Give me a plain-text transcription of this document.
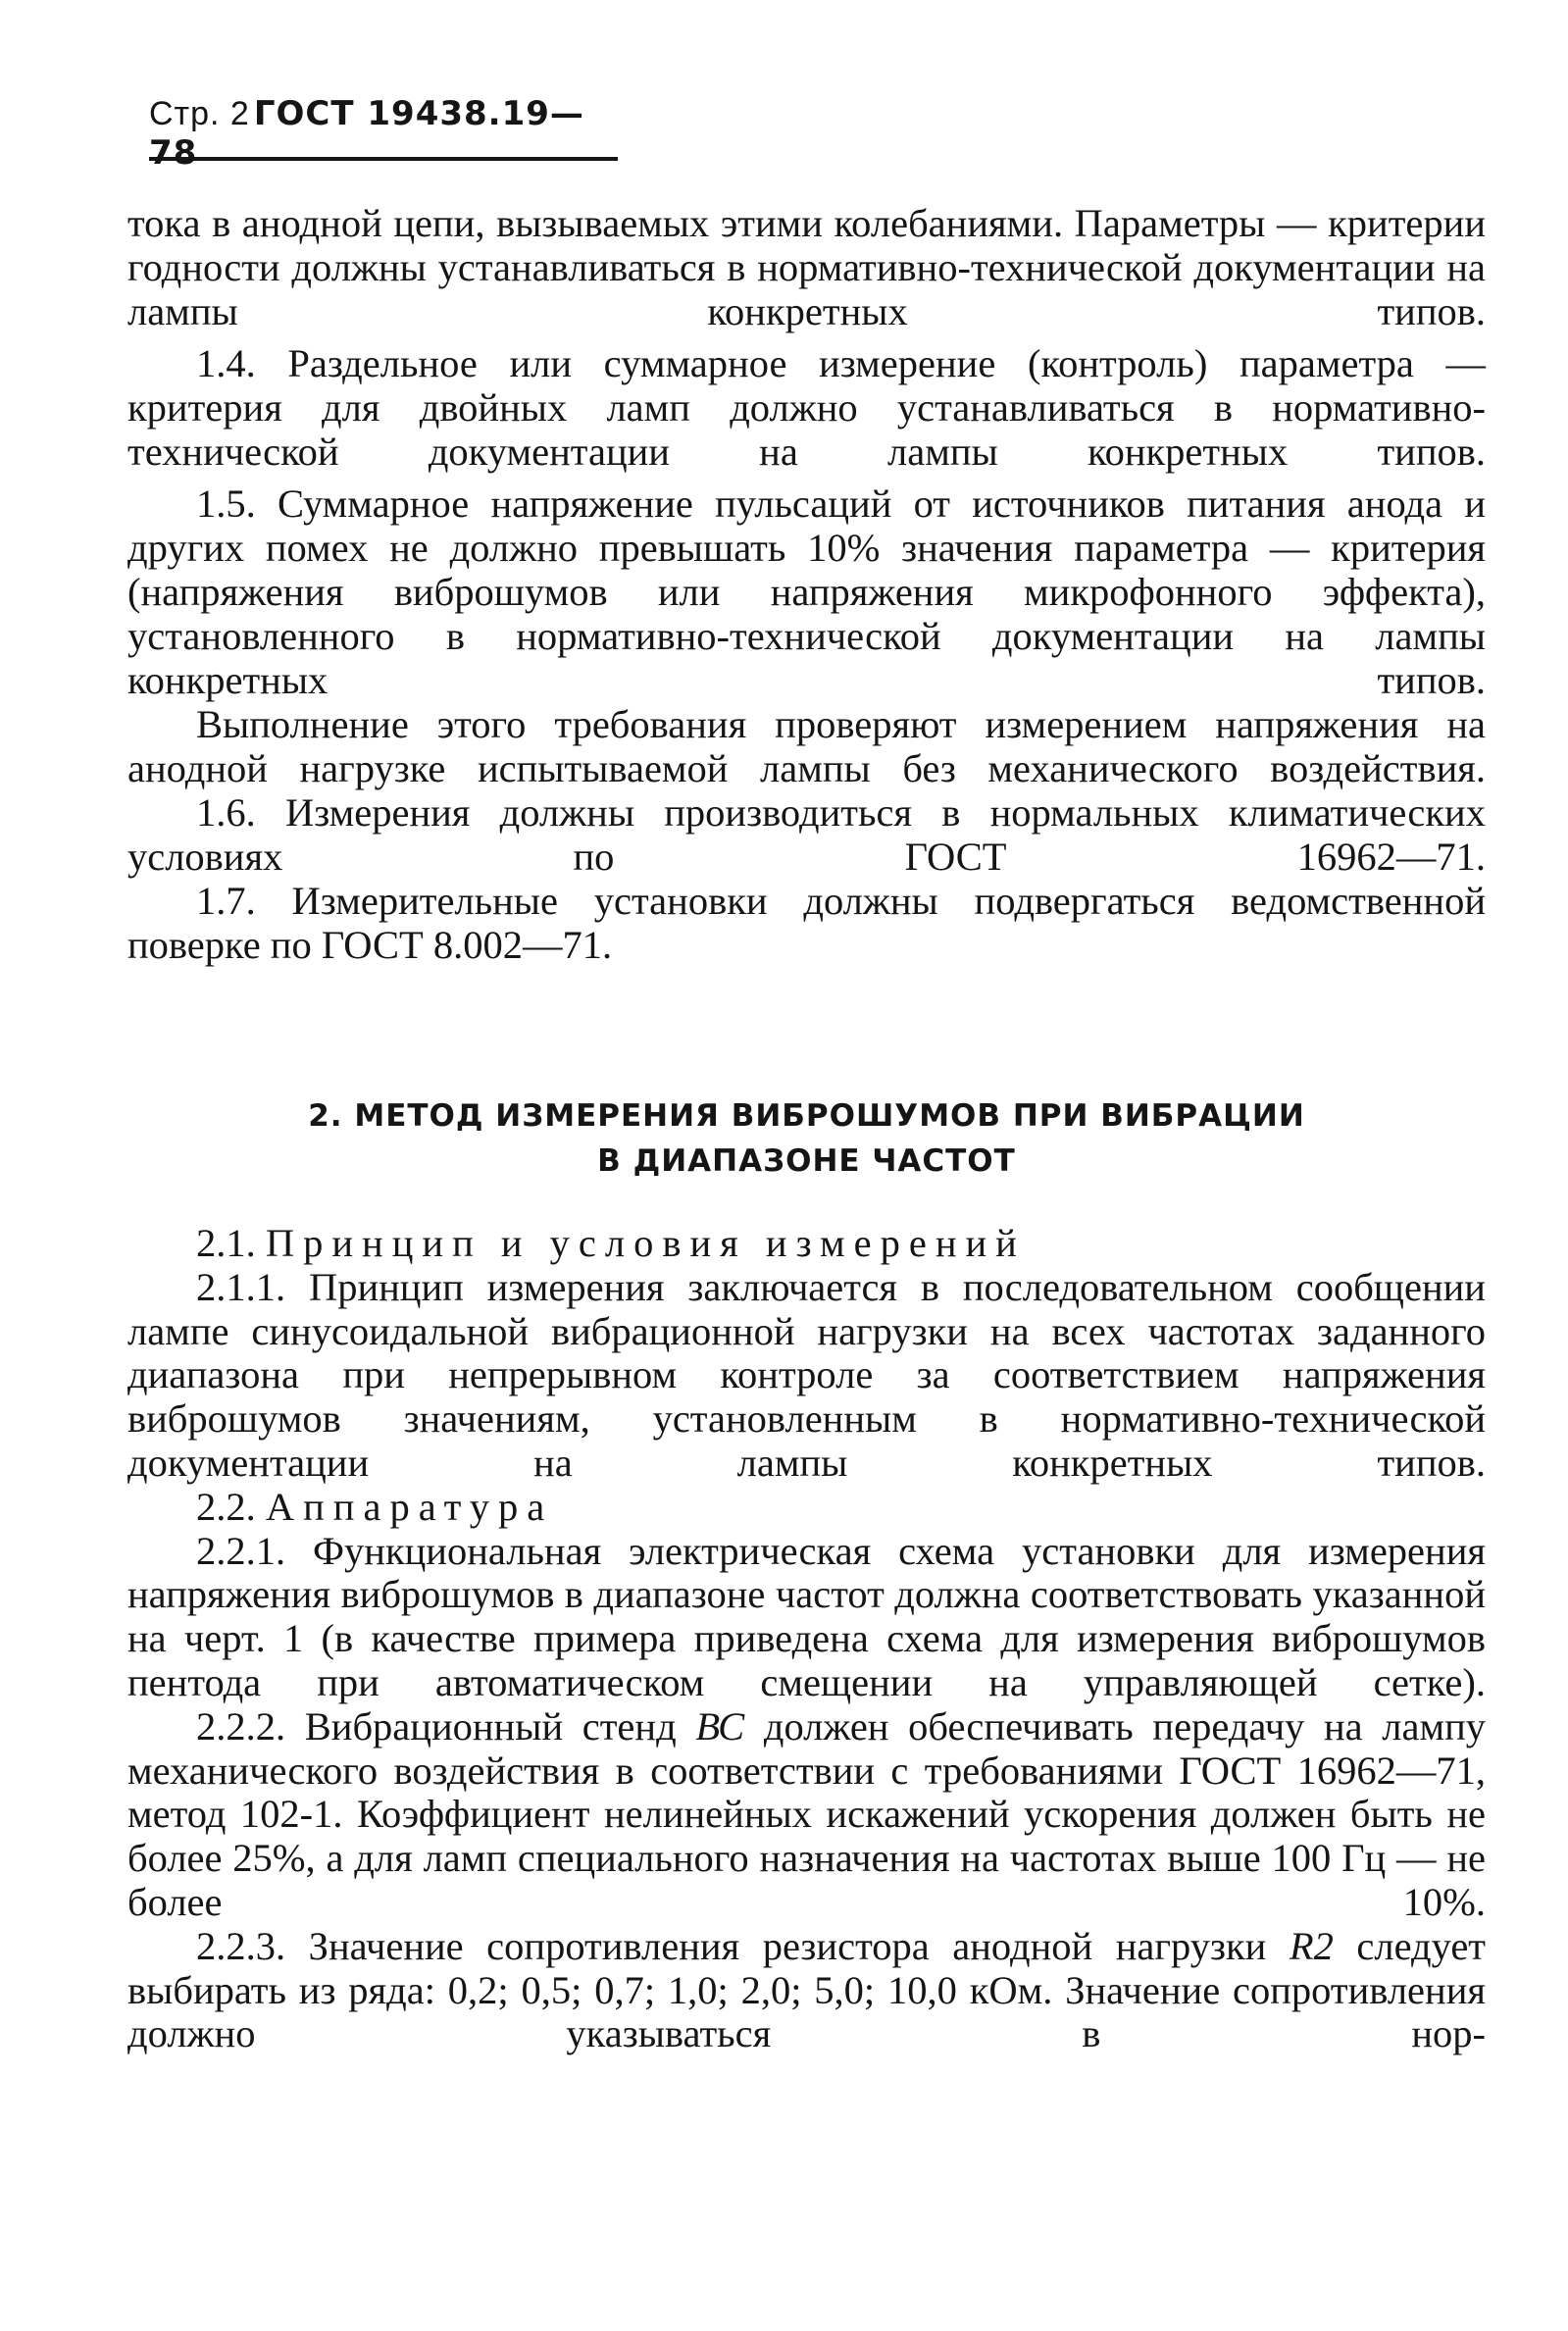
Стр. 2 ГОСТ 19438.19—78

тока в анодной цепи, вызываемых этими колебаниями. Параметры — критерии годности должны устанавливаться в нормативно-технической документации на лампы конкретных типов.

1.4. Раздельное или суммарное измерение (контроль) параметра — критерия для двойных ламп должно устанавливаться в нормативно-технической документации на лампы конкретных типов.

1.5. Суммарное напряжение пульсаций от источников питания анода и других помех не должно превышать 10% значения параметра — критерия (напряжения виброшумов или напряжения микрофонного эффекта), установленного в нормативно-технической документации на лампы конкретных типов.

Выполнение этого требования проверяют измерением напряжения на анодной нагрузке испытываемой лампы без механического воздействия.

1.6. Измерения должны производиться в нормальных климатических условиях по ГОСТ 16962—71.

1.7. Измерительные установки должны подвергаться ведомственной поверке по ГОСТ 8.002—71.

2. МЕТОД ИЗМЕРЕНИЯ ВИБРОШУМОВ ПРИ ВИБРАЦИИ
В ДИАПАЗОНЕ ЧАСТОТ

2.1. Принцип и условия измерений

2.1.1. Принцип измерения заключается в последовательном сообщении лампе синусоидальной вибрационной нагрузки на всех частотах заданного диапазона при непрерывном контроле за соответствием напряжения виброшумов значениям, установленным в нормативно-технической документации на лампы конкретных типов.

2.2. Аппаратура

2.2.1. Функциональная электрическая схема установки для измерения напряжения виброшумов в диапазоне частот должна соответствовать указанной на черт. 1 (в качестве примера приведена схема для измерения виброшумов пентода при автоматическом смещении на управляющей сетке).

2.2.2. Вибрационный стенд ВС должен обеспечивать передачу на лампу механического воздействия в соответствии с требованиями ГОСТ 16962—71, метод 102-1. Коэффициент нелинейных искажений ускорения должен быть не более 25%, а для ламп специального назначения на частотах выше 100 Гц — не более 10%.

2.2.3. Значение сопротивления резистора анодной нагрузки R2 следует выбирать из ряда: 0,2; 0,5; 0,7; 1,0; 2,0; 5,0; 10,0 кОм. Значение сопротивления должно указываться в нор-
